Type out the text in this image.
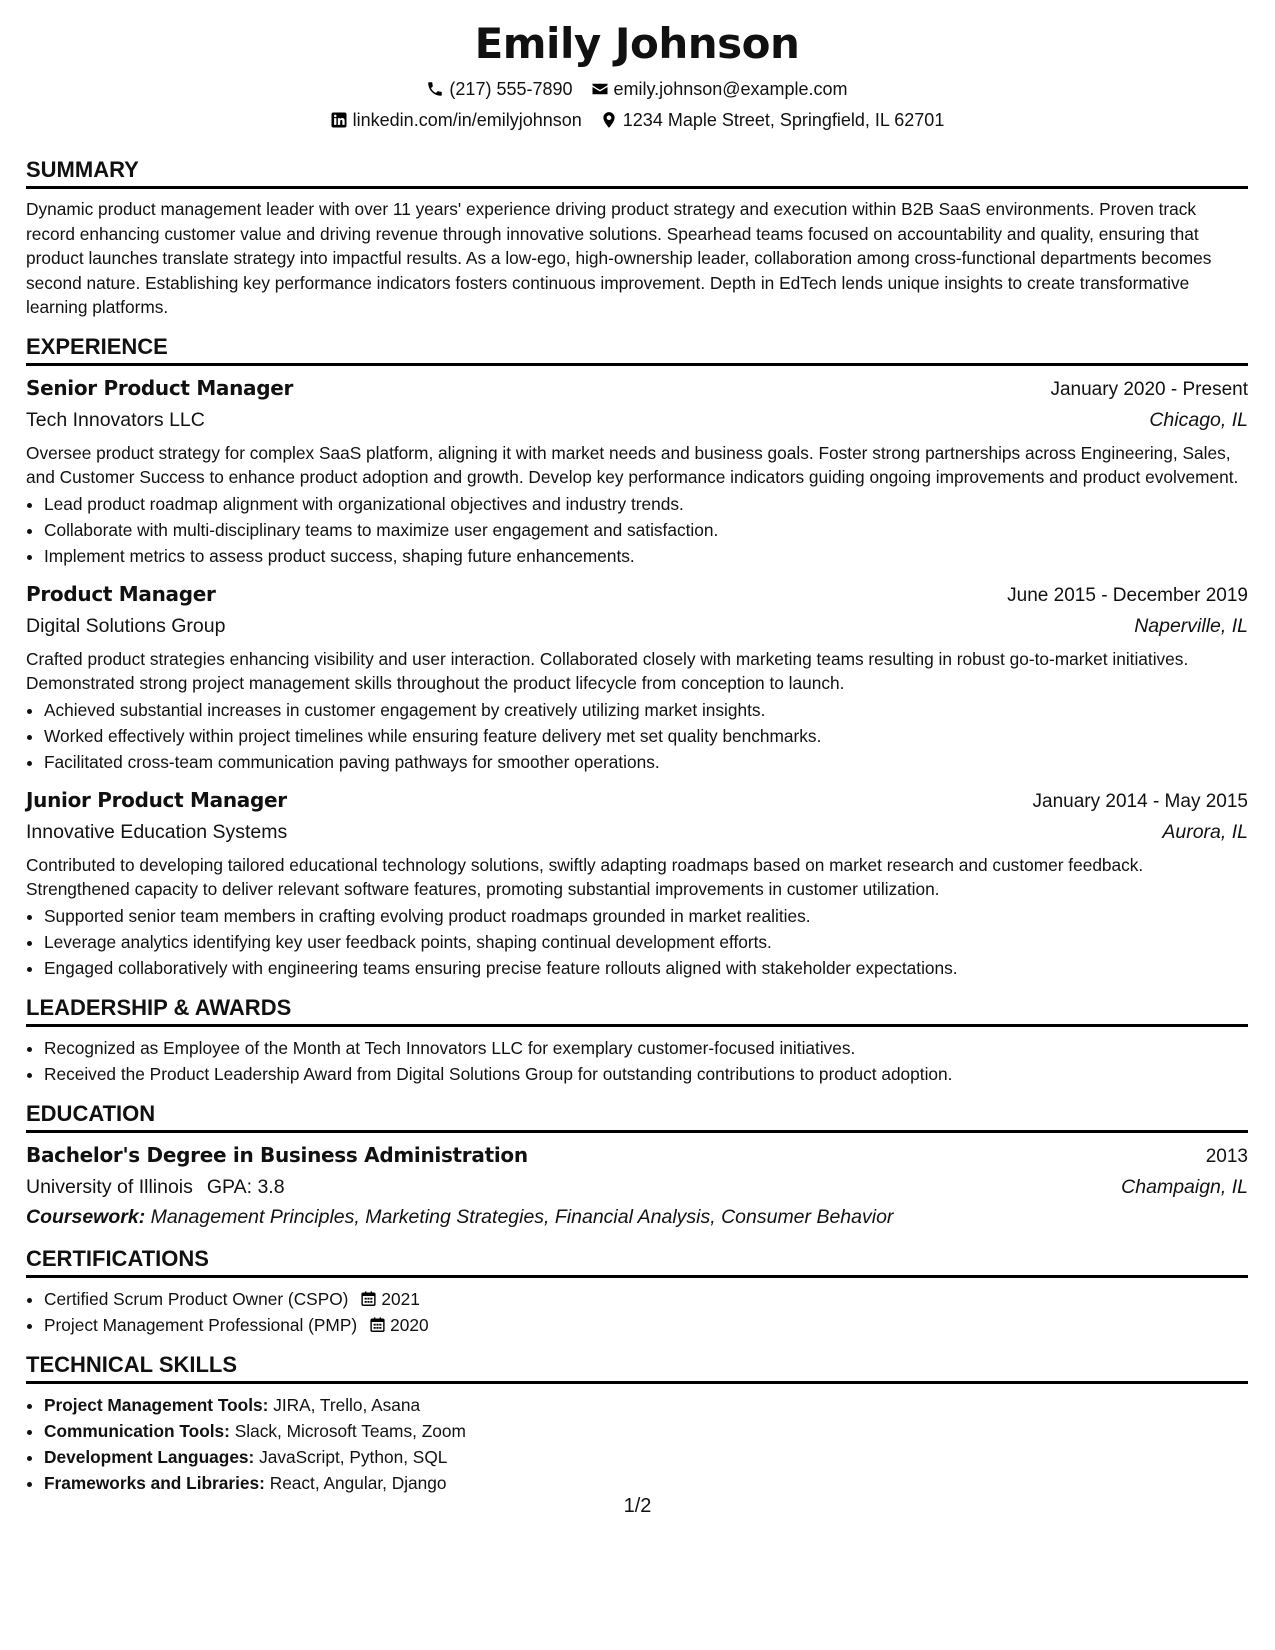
Emily Johnson
(217) 555-7890 emily.johnson@example.com
linkedin.com/in/emilyjohnson 1234 Maple Street, Springfield, IL 62701
SUMMARY
Dynamic product management leader with over 11 years' experience driving product strategy and execution within B2B SaaS environments. Proven track record enhancing customer value and driving revenue through innovative solutions. Spearhead teams focused on accountability and quality, ensuring that product launches translate strategy into impactful results. As a low-ego, high-ownership leader, collaboration among cross-functional departments becomes second nature. Establishing key performance indicators fosters continuous improvement. Depth in EdTech lends unique insights to create transformative learning platforms.
EXPERIENCE
Senior Product Manager	January 2020 - Present
Tech Innovators LLC	Chicago, IL
Oversee product strategy for complex SaaS platform, aligning it with market needs and business goals. Foster strong partnerships across Engineering, Sales, and Customer Success to enhance product adoption and growth. Develop key performance indicators guiding ongoing improvements and product evolvement.
• Lead product roadmap alignment with organizational objectives and industry trends.
• Collaborate with multi-disciplinary teams to maximize user engagement and satisfaction.
• Implement metrics to assess product success, shaping future enhancements.
Product Manager	June 2015 - December 2019
Digital Solutions Group	Naperville, IL
Crafted product strategies enhancing visibility and user interaction. Collaborated closely with marketing teams resulting in robust go-to-market initiatives. Demonstrated strong project management skills throughout the product lifecycle from conception to launch.
• Achieved substantial increases in customer engagement by creatively utilizing market insights.
• Worked effectively within project timelines while ensuring feature delivery met set quality benchmarks.
• Facilitated cross-team communication paving pathways for smoother operations.
Junior Product Manager	January 2014 - May 2015
Innovative Education Systems	Aurora, IL
Contributed to developing tailored educational technology solutions, swiftly adapting roadmaps based on market research and customer feedback. Strengthened capacity to deliver relevant software features, promoting substantial improvements in customer utilization.
• Supported senior team members in crafting evolving product roadmaps grounded in market realities.
• Leverage analytics identifying key user feedback points, shaping continual development efforts.
• Engaged collaboratively with engineering teams ensuring precise feature rollouts aligned with stakeholder expectations.
LEADERSHIP & AWARDS
• Recognized as Employee of the Month at Tech Innovators LLC for exemplary customer-focused initiatives.
• Received the Product Leadership Award from Digital Solutions Group for outstanding contributions to product adoption.
EDUCATION
Bachelor's Degree in Business Administration	2013
University of Illinois GPA: 3.8	Champaign, IL
Coursework: Management Principles, Marketing Strategies, Financial Analysis, Consumer Behavior
CERTIFICATIONS
• Certified Scrum Product Owner (CSPO) 2021
• Project Management Professional (PMP) 2020
TECHNICAL SKILLS
• Project Management Tools: JIRA, Trello, Asana
• Communication Tools: Slack, Microsoft Teams, Zoom
• Development Languages: JavaScript, Python, SQL
• Frameworks and Libraries: React, Angular, Django
1/2
